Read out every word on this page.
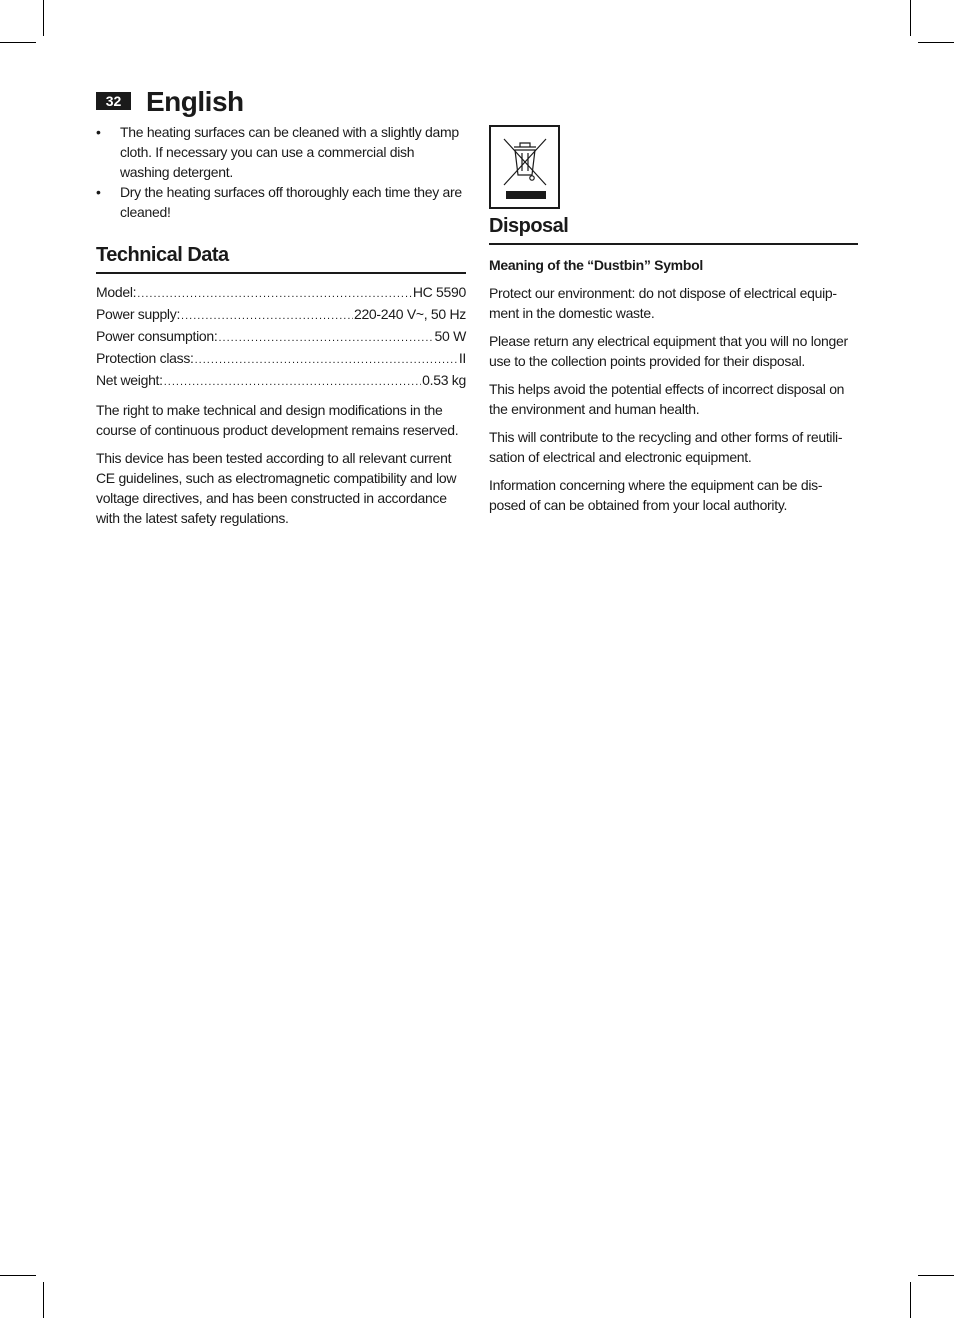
32 English
• The heating surfaces can be cleaned with a slightly damp cloth. If necessary you can use a commercial dish washing detergent.
• Dry the heating surfaces off thoroughly each time they are cleaned!
Technical Data
Model: .....	HC 5590
Power supply: .....	220-240 V~, 50 Hz
Power consumption: .....	50 W
Protection class: .....	II
Net weight: .....	0.53 kg

The right to make technical and design modifications in the course of continuous product development remains reserved.

This device has been tested according to all relevant current CE guidelines, such as electromagnetic compatibility and low voltage directives, and has been constructed in accordance with the latest safety regulations.

Disposal

Meaning of the “Dustbin” Symbol

Protect our environment: do not dispose of electrical equip-ment in the domestic waste.

Please return any electrical equipment that you will no longer use to the collection points provided for their disposal.

This helps avoid the potential effects of incorrect disposal on the environment and human health.

This will contribute to the recycling and other forms of reutili-sation of electrical and electronic equipment.

Information concerning where the equipment can be dis-posed of can be obtained from your local authority.
